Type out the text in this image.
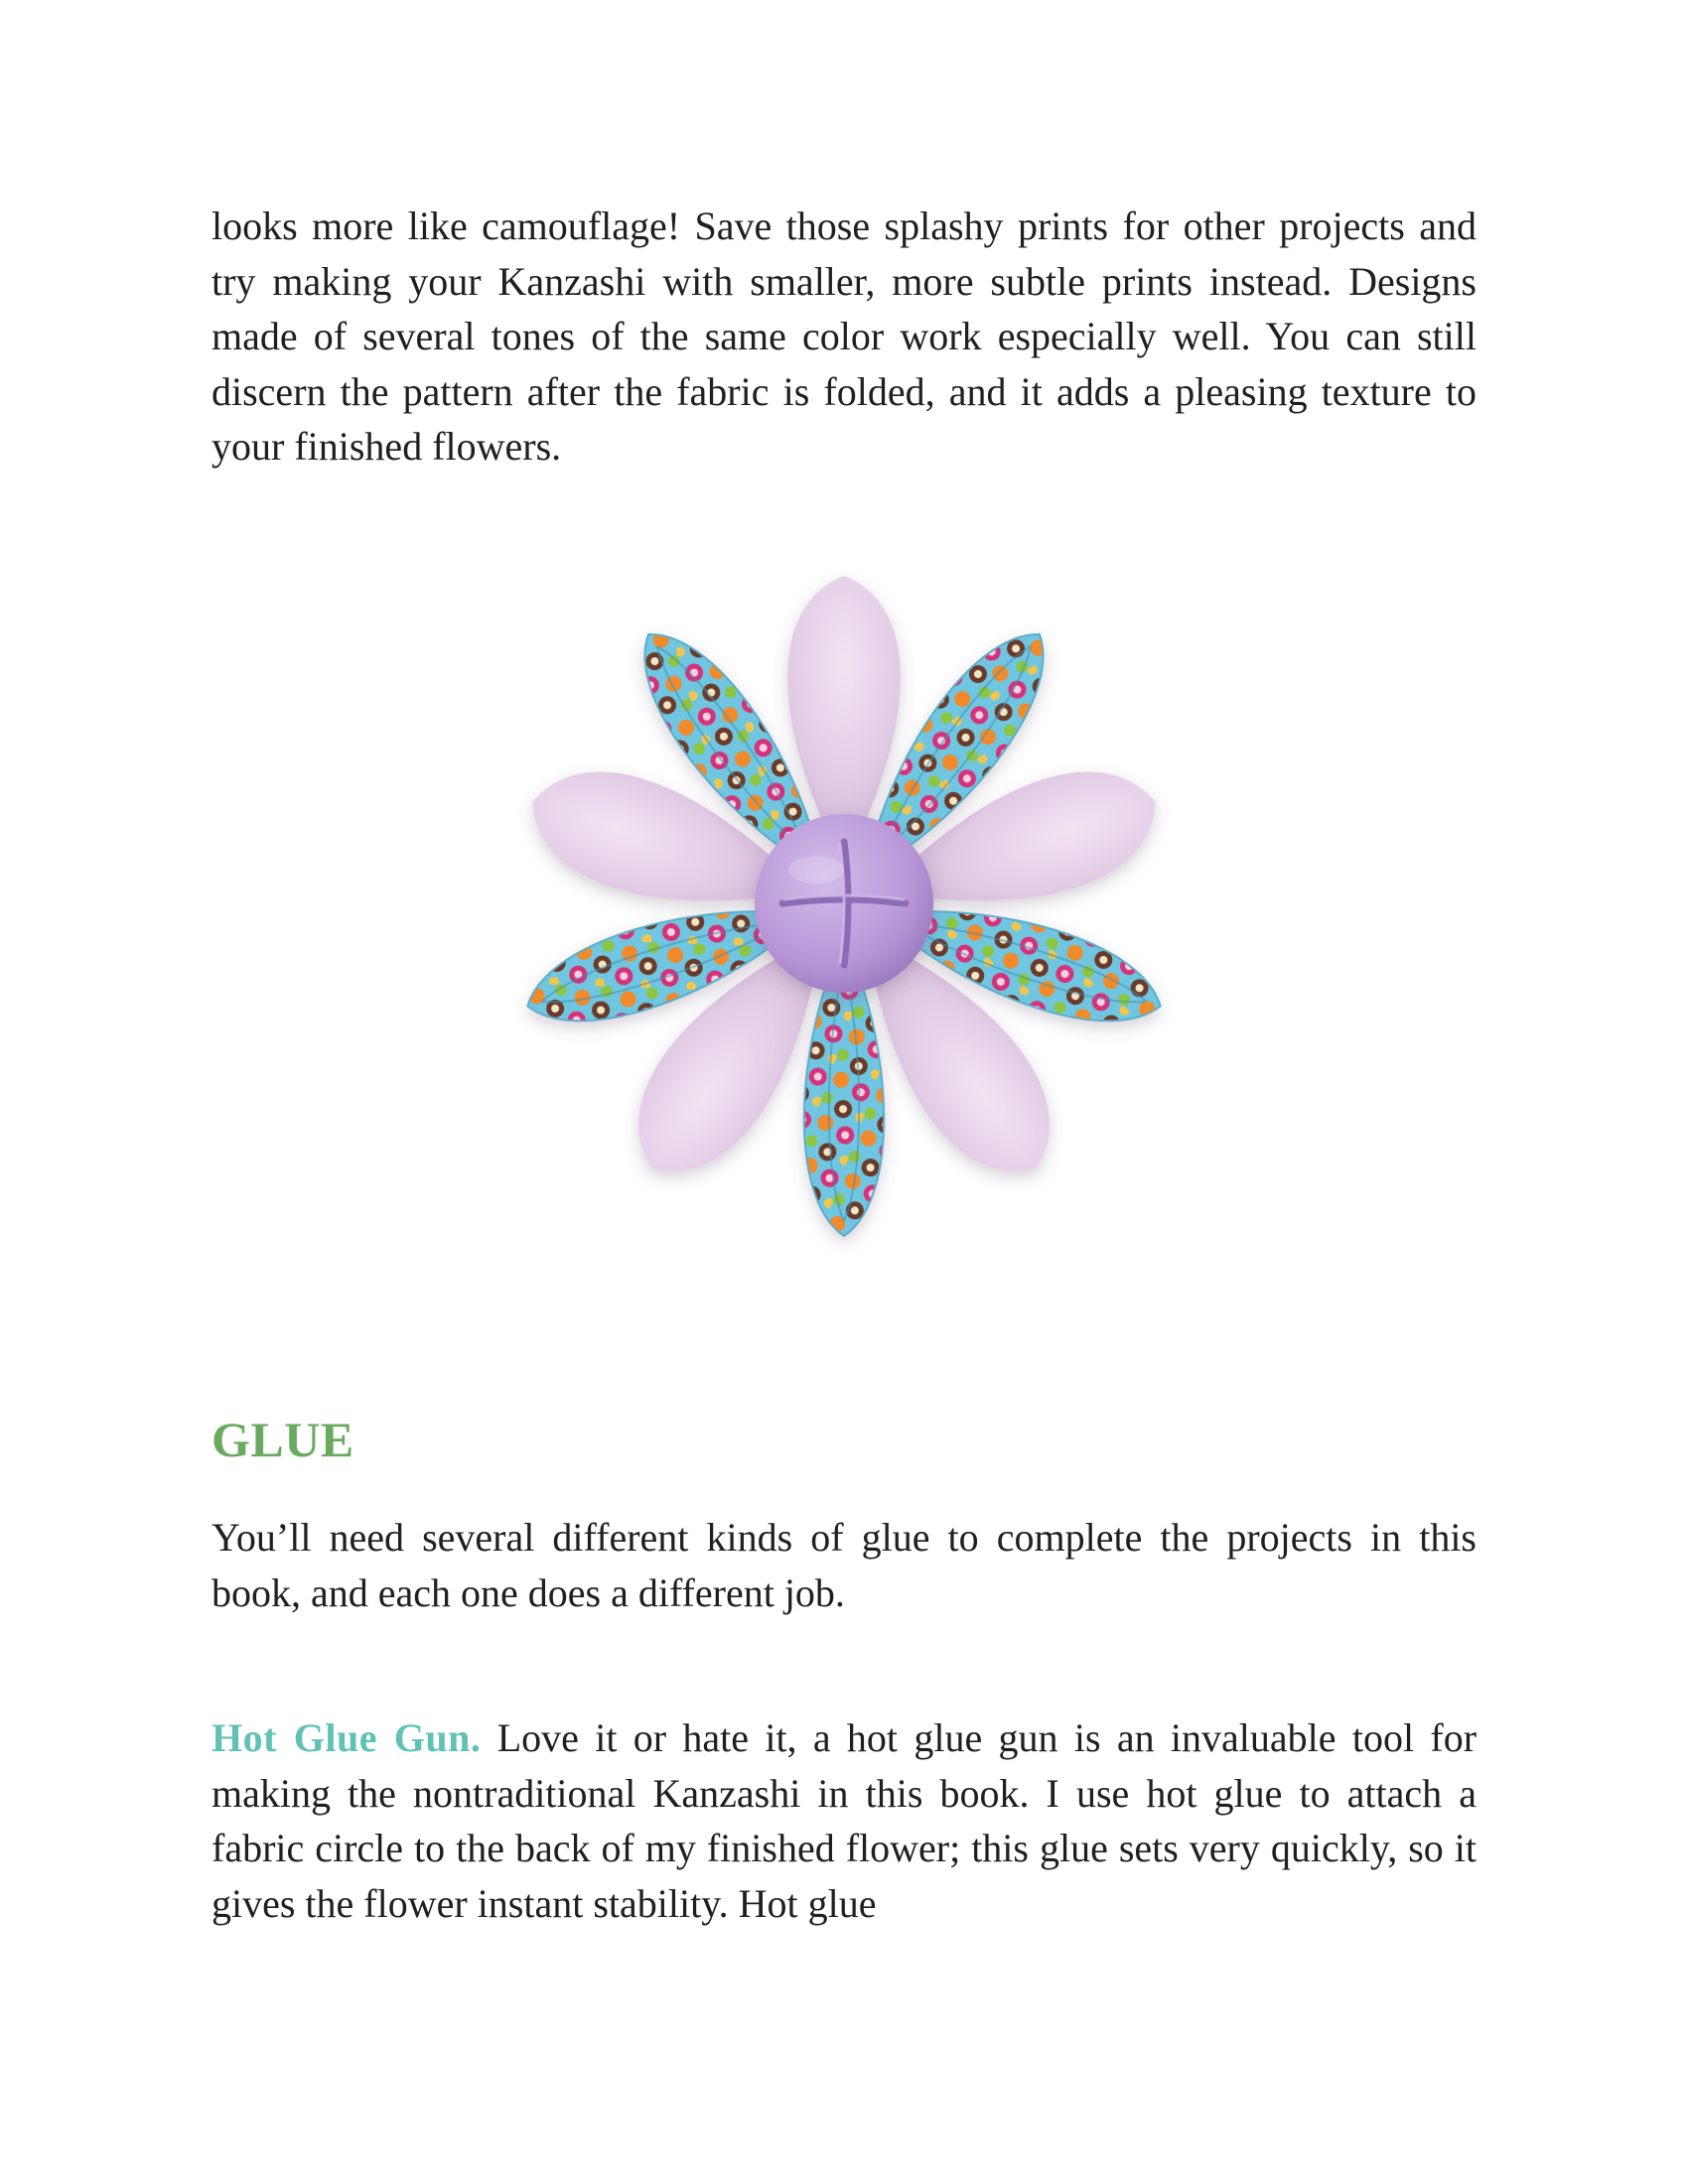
looks more like camouflage! Save those splashy prints for other projects and try making your Kanzashi with smaller, more subtle prints instead. Designs made of several tones of the same color work especially well. You can still discern the pattern after the fabric is folded, and it adds a pleasing texture to your finished flowers.

GLUE

You’ll need several different kinds of glue to complete the projects in this book, and each one does a different job.

Hot Glue Gun. Love it or hate it, a hot glue gun is an invaluable tool for making the nontraditional Kanzashi in this book. I use hot glue to attach a fabric circle to the back of my finished flower; this glue sets very quickly, so it gives the flower instant stability. Hot glue
